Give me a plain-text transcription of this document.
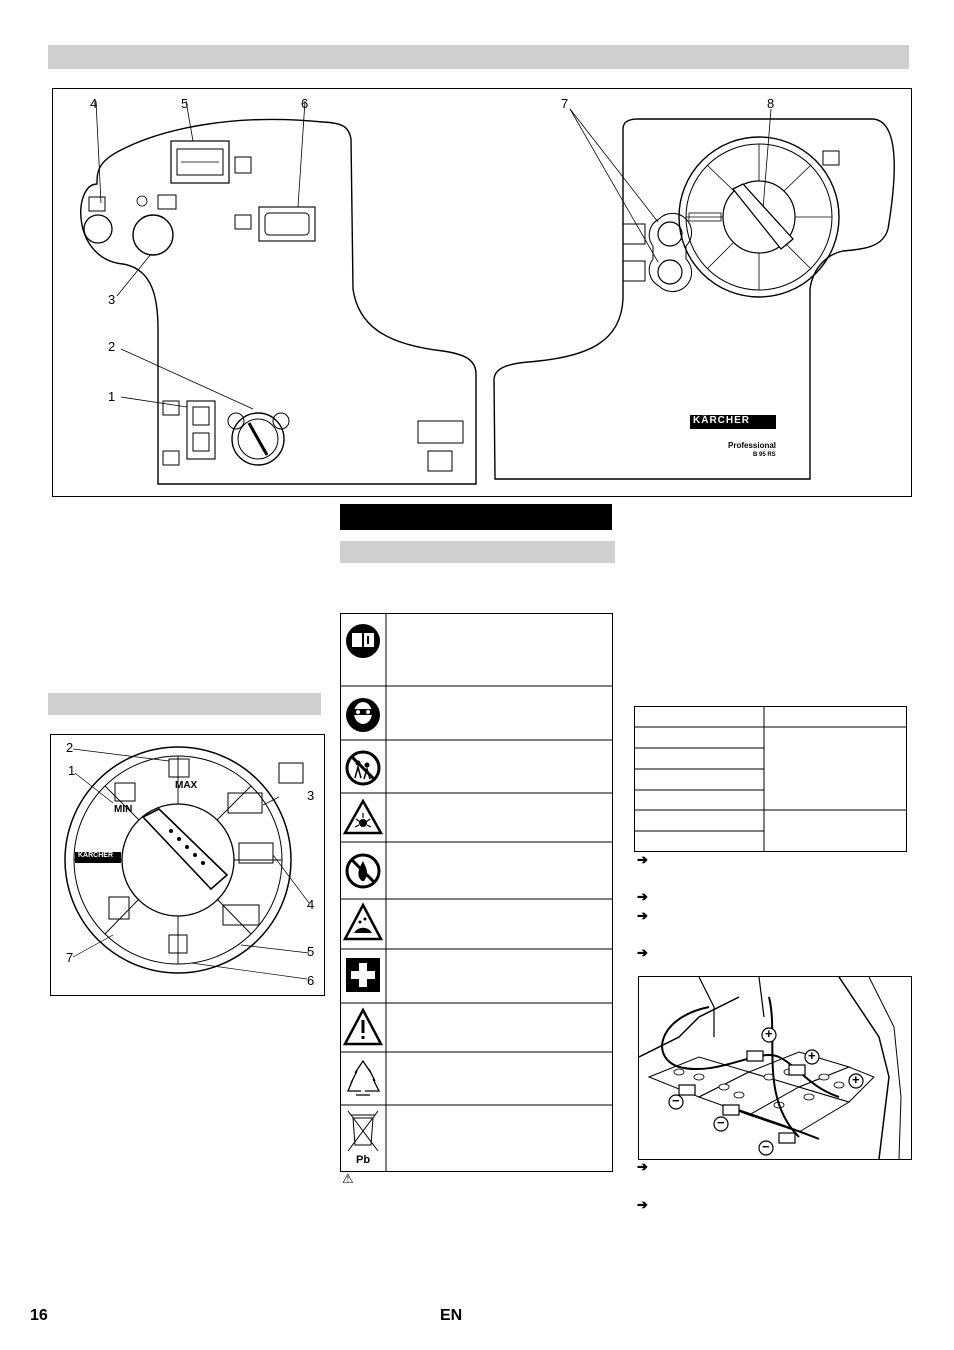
4	5	6	7	8
3
2
1
KÄRCHER
Professional
B 95 RS
MAX
MIN
KÄRCHER
2
1
3
4
5
6
7
Pb
⚠
➔
➔
➔
➔
+
+
+
−
−
−
➔
➔
16	EN
